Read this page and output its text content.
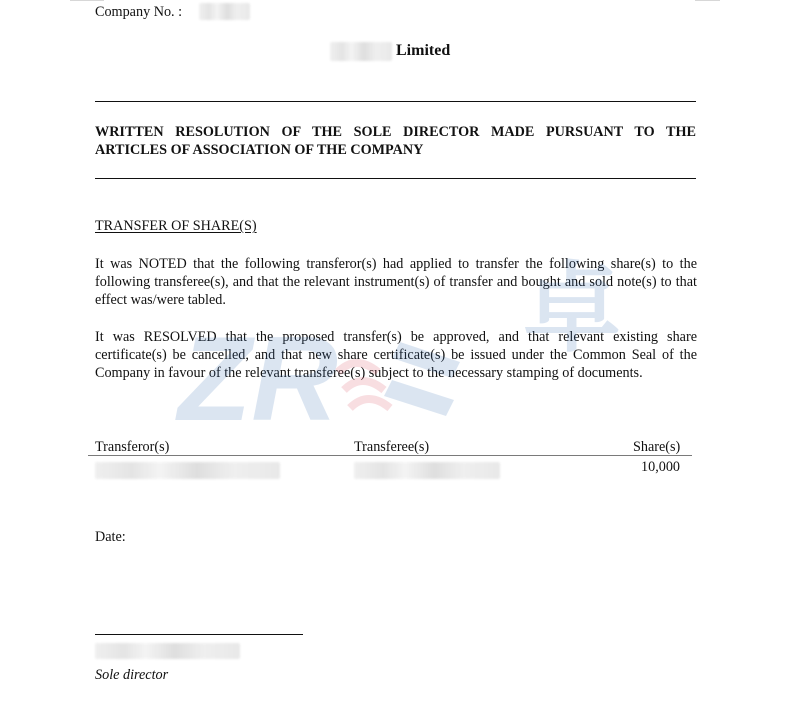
Company No. :
Limited
WRITTEN RESOLUTION OF THE SOLE DIRECTOR MADE PURSUANT TO THE ARTICLES OF ASSOCIATION OF THE COMPANY
TRANSFER OF SHARE(S)
It was NOTED that the following transferor(s) had applied to transfer the following share(s) to the following transferee(s), and that the relevant instrument(s) of transfer and bought and sold note(s) to that effect was/were tabled.
It was RESOLVED that the proposed transfer(s) be approved, and that relevant existing share certificate(s) be cancelled, and that new share certificate(s) be issued under the Common Seal of the Company in favour of the relevant transferee(s) subject to the necessary stamping of documents.
ZR
卓
Transferor(s)	Transferee(s)	Share(s)
10,000
Date:
Sole director
